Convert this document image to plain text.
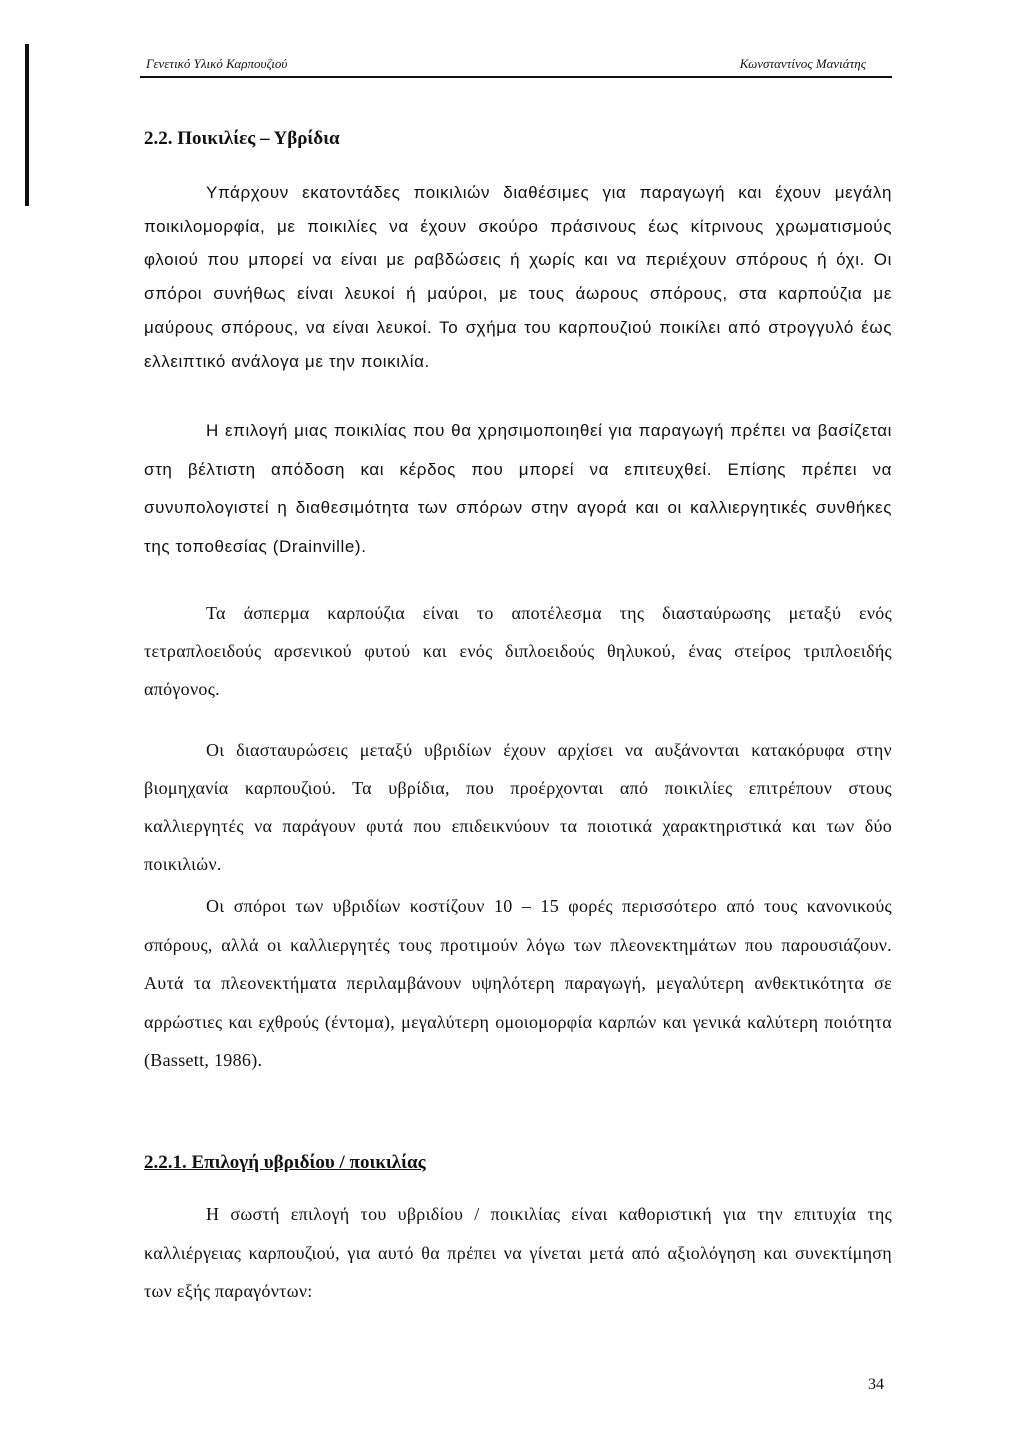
Γενετικό Υλικό Καρπουζιού	Κωνσταντίνος Μανιάτης
2.2. Ποικιλίες – Υβρίδια

Υπάρχουν εκατοντάδες ποικιλιών διαθέσιμες για παραγωγή και έχουν μεγάλη ποικιλομορφία, με ποικιλίες να έχουν σκούρο πράσινους έως κίτρινους χρωματισμούς φλοιού που μπορεί να είναι με ραβδώσεις ή χωρίς και να περιέχουν σπόρους ή όχι. Οι σπόροι συνήθως είναι λευκοί ή μαύροι, με τους άωρους σπόρους, στα καρπούζια με μαύρους σπόρους, να είναι λευκοί. Το σχήμα του καρπουζιού ποικίλει από στρογγυλό έως ελλειπτικό ανάλογα με την ποικιλία.

Η επιλογή μιας ποικιλίας που θα χρησιμοποιηθεί για παραγωγή πρέπει να βασίζεται στη βέλτιστη απόδοση και κέρδος που μπορεί να επιτευχθεί. Επίσης πρέπει να συνυπολογιστεί η διαθεσιμότητα των σπόρων στην αγορά και οι καλλιεργητικές συνθήκες της τοποθεσίας (Drainville).

Τα άσπερμα καρπούζια είναι το αποτέλεσμα της διασταύρωσης μεταξύ ενός τετραπλοειδούς αρσενικού φυτού και ενός διπλοειδούς θηλυκού, ένας στείρος τριπλοειδής απόγονος.

Οι διασταυρώσεις μεταξύ υβριδίων έχουν αρχίσει να αυξάνονται κατακόρυφα στην βιομηχανία καρπουζιού. Τα υβρίδια, που προέρχονται από ποικιλίες επιτρέπουν στους καλλιεργητές να παράγουν φυτά που επιδεικνύουν τα ποιοτικά χαρακτηριστικά και των δύο ποικιλιών.

Οι σπόροι των υβριδίων κοστίζουν 10 – 15 φορές περισσότερο από τους κανονικούς σπόρους, αλλά οι καλλιεργητές τους προτιμούν λόγω των πλεονεκτημάτων που παρουσιάζουν. Αυτά τα πλεονεκτήματα περιλαμβάνουν υψηλότερη παραγωγή, μεγαλύτερη ανθεκτικότητα σε αρρώστιες και εχθρούς (έντομα), μεγαλύτερη ομοιομορφία καρπών και γενικά καλύτερη ποιότητα (Bassett, 1986).

2.2.1. Επιλογή υβριδίου / ποικιλίας

Η σωστή επιλογή του υβριδίου / ποικιλίας είναι καθοριστική για την επιτυχία της καλλιέργειας καρπουζιού, για αυτό θα πρέπει να γίνεται μετά από αξιολόγηση και συνεκτίμηση των εξής παραγόντων:

34
